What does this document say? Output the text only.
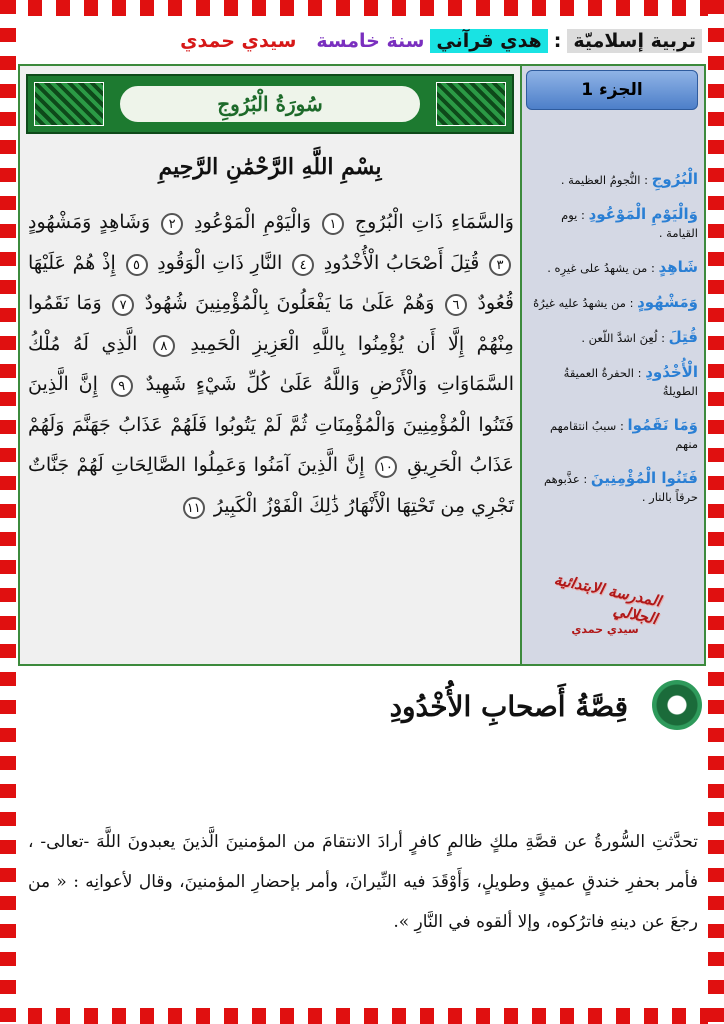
تربية إسلاميّة
:
هدي قرآني
سنة خامسة
سيدي حمدي
الجزء 1
الْبُرُوجِ : النُّجومُ العظيمة .
وَالْيَوْمِ الْمَوْعُودِ : يوم القيامة .
شَاهِدٍ : من يشهدُ على غيرِه .
وَمَشْهُودٍ : من يشهدُ عليه غيرُهُ
قُتِلَ : لُعِنَ اشدَّ اللّعن .
الْأُخْدُودِ : الحفرةُ العميقةُ الطويلةُ
وَمَا نَقَمُوا : سببُ انتقامهم منهم
فَتَنُوا الْمُؤْمِنِينَ : عذَّبوهم حرقاً بالنار .
المدرسة الابتدائية الجلالي
سيدي حمدي
سُورَةُ الْبُرُوجِ
بِسْمِ اللَّهِ الرَّحْمَٰنِ الرَّحِيمِ
وَالسَّمَاءِ ذَاتِ الْبُرُوجِ ١ وَالْيَوْمِ الْمَوْعُودِ ٢ وَشَاهِدٍ وَمَشْهُودٍ ٣ قُتِلَ أَصْحَابُ الْأُخْدُودِ ٤ النَّارِ ذَاتِ الْوَقُودِ ٥ إِذْ هُمْ عَلَيْهَا قُعُودٌ ٦ وَهُمْ عَلَىٰ مَا يَفْعَلُونَ بِالْمُؤْمِنِينَ شُهُودٌ ٧ وَمَا نَقَمُوا مِنْهُمْ إِلَّا أَن يُؤْمِنُوا بِاللَّهِ الْعَزِيزِ الْحَمِيدِ ٨ الَّذِي لَهُ مُلْكُ السَّمَاوَاتِ وَالْأَرْضِ وَاللَّهُ عَلَىٰ كُلِّ شَيْءٍ شَهِيدٌ ٩ إِنَّ الَّذِينَ فَتَنُوا الْمُؤْمِنِينَ وَالْمُؤْمِنَاتِ ثُمَّ لَمْ يَتُوبُوا فَلَهُمْ عَذَابُ جَهَنَّمَ وَلَهُمْ عَذَابُ الْحَرِيقِ ١٠ إِنَّ الَّذِينَ آمَنُوا وَعَمِلُوا الصَّالِحَاتِ لَهُمْ جَنَّاتٌ تَجْرِي مِن تَحْتِهَا الْأَنْهَارُ ذَٰلِكَ الْفَوْزُ الْكَبِيرُ ١١
قِصَّةُ أَصحابِ الأُخْدُودِ
تحدَّثتِ السُّورةُ عن قصَّةِ ملكٍ ظالمٍ كافرٍ أرادَ الانتقامَ من المؤمنينَ الَّذينَ يعبدونَ اللَّهَ -تعالى- ، فأمر بحفرِ خندقٍ عميقٍ وطويلٍ، وَأَوْقَدَ فيه النِّيرانَ، وأمر بإحضارِ المؤمنينَ، وقال لأعوانِه : « من رجعَ عن دينهِ فاترُكوه، وإلا ألقوه في النَّارِ ».
